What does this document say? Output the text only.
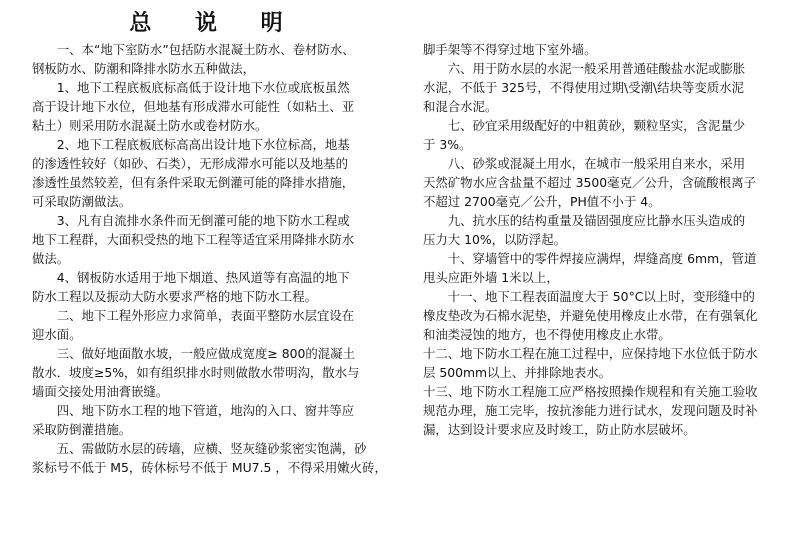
总 说 明
　　一、本“地下室防水”包括防水混凝土防水、卷材防水、
钢板防水、防潮和降排水防水五种做法，
　　1、地下工程底板底标高低于设计地下水位或底板虽然
高于设计地下水位，但地基有形成滞水可能性（如粘土、亚
粘土）则采用防水混凝土防水或卷材防水。
　　2、地下工程底板底标高高出设计地下水位标高，地基
的渗透性较好（如砂、石类），无形成滞水可能以及地基的
渗透性虽然较差，但有条件采取无倒灌可能的降排水措施，
可采取防潮做法。
　　3、凡有自流排水条件而无倒灌可能的地下防水工程或
地下工程群，大面积受热的地下工程等适宜采用降排水防水
做法。
　　4、钢板防水适用于地下烟道、热风道等有高温的地下
防水工程以及振动大防水要求严格的地下防水工程。
　　二、地下工程外形应力求简单，表面平整防水层宜设在
迎水面。
　　三、做好地面散水坡，一般应做成宽度≥ 800的混凝土
散水．坡度≥5%，如有组织排水时则做散水带明沟，散水与
墙面交接处用油膏嵌缝。
　　四、地下防水工程的地下管道，地沟的入口、窗井等应
采取防倒灌措施。
　　五、需做防水层的砖墙，应横、竖灰缝砂浆密实饱满，砂
浆标号不低于 M5，砖休标号不低于 MU7.5 ，不得采用嫩火砖，
脚手架等不得穿过地下室外墙。
　　六、用于防水层的水泥一般采用普通硅酸盐水泥或膨胀
水泥，不低于 325号，不得使用过期\受潮\结块等变质水泥
和混合水泥。
　　七、砂宜采用级配好的中粗黄砂，颗粒坚实，含泥量少
于 3%。
　　八、砂浆或混凝土用水，在城市一般采用自来水，采用
天然矿物水应含盐量不超过 3500毫克／公升，含硫酸根离子
不超过 2700毫克／公升，PH值不小于 4。
　　九、抗水压的结构重量及锚固强度应比静水压头造成的
压力大 10%，以防浮起。
　　十、穿墙管中的零件焊接应满焊，焊缝高度 6mm，管道
甩头应距外墙 1米以上，
　　十一、地下工程表面温度大于 50°C以上时，变形缝中的
橡皮垫改为石棉水泥垫，并避免使用橡皮止水带，在有强氧化
和油类浸蚀的地方，也不得使用橡皮止水带。
十二、地下防水工程在施工过程中，应保持地下水位低于防水
层 500mm以上、并排除地表水。
十三、地下防水工程施工应严格按照操作规程和有关施工验收
规范办理，施工完毕，按抗渗能力进行试水，发现问题及时补
漏，达到设计要求应及时竣工，防止防水层破坏。
